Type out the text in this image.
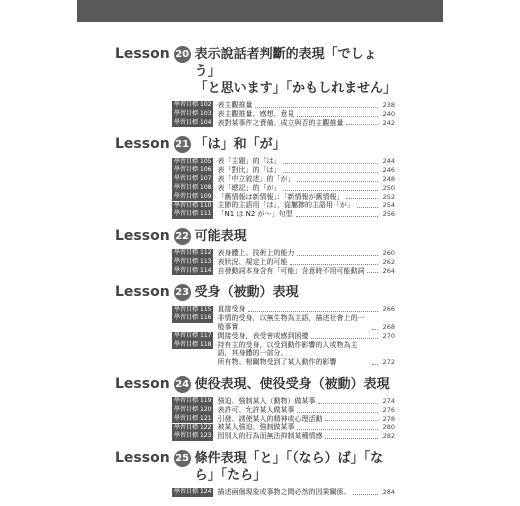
Lesson 20 表示說話者判斷的表現「でしょう」
「と思います」「かもしれません」
學習目標 102 表主觀推量	238
學習目標 103 表主觀推量、感想、意見	240
學習目標 104 表對某事件之責備、成立與否的主觀推量	242
Lesson 21 「は」和「が」
學習目標 105 表「主題」的「は」	244
學習目標 106 表「對比」的「は」	246
學習目標 107 表「中立敘述」的「が」	248
學習目標 108 表「總記」的「が」	250
學習目標 109 「舊情報は新情報」：「新情報が舊情報」	252
學習目標 110 主節的主語用「は」，從屬節的主語用「が」	254
學習目標 111 「N1 は N2 が～」句型	256
Lesson 22 可能表現
學習目標 112 表身體上、技術上的能力	260
學習目標 113 表狀況、規定上的可能	262
學習目標 114 自發動詞本身含有「可能」含意時不用可能動詞	264
Lesson 23 受身（被動）表現
學習目標 115 直接受身	266
學習目標 116 非情的受身，以無生物為主語，描述社會上的一般事實	268
學習目標 117 間接受身，表受害或感到困擾	270
學習目標 118 持有主的受身，以受到動作影響的人或物為主語，其身體的一部分、
所有物、相關物受到了某人動作的影響	272
Lesson 24 使役表現、使役受身（被動）表現
學習目標 119 強迫、強制某人（動物）做某事	274
學習目標 120 表許可、允許某人做某事	276
學習目標 121 引發、誘使某人的精神或心理活動	278
學習目標 122 被某人強迫、強制做某事	280
學習目標 123 因別人的行為而無法抑制某種情感	282
Lesson 25 條件表現「と」「（なら）ば」「なら」「たら」
學習目標 124 描述兩個現象或事物之間必然的因果關係。	284
